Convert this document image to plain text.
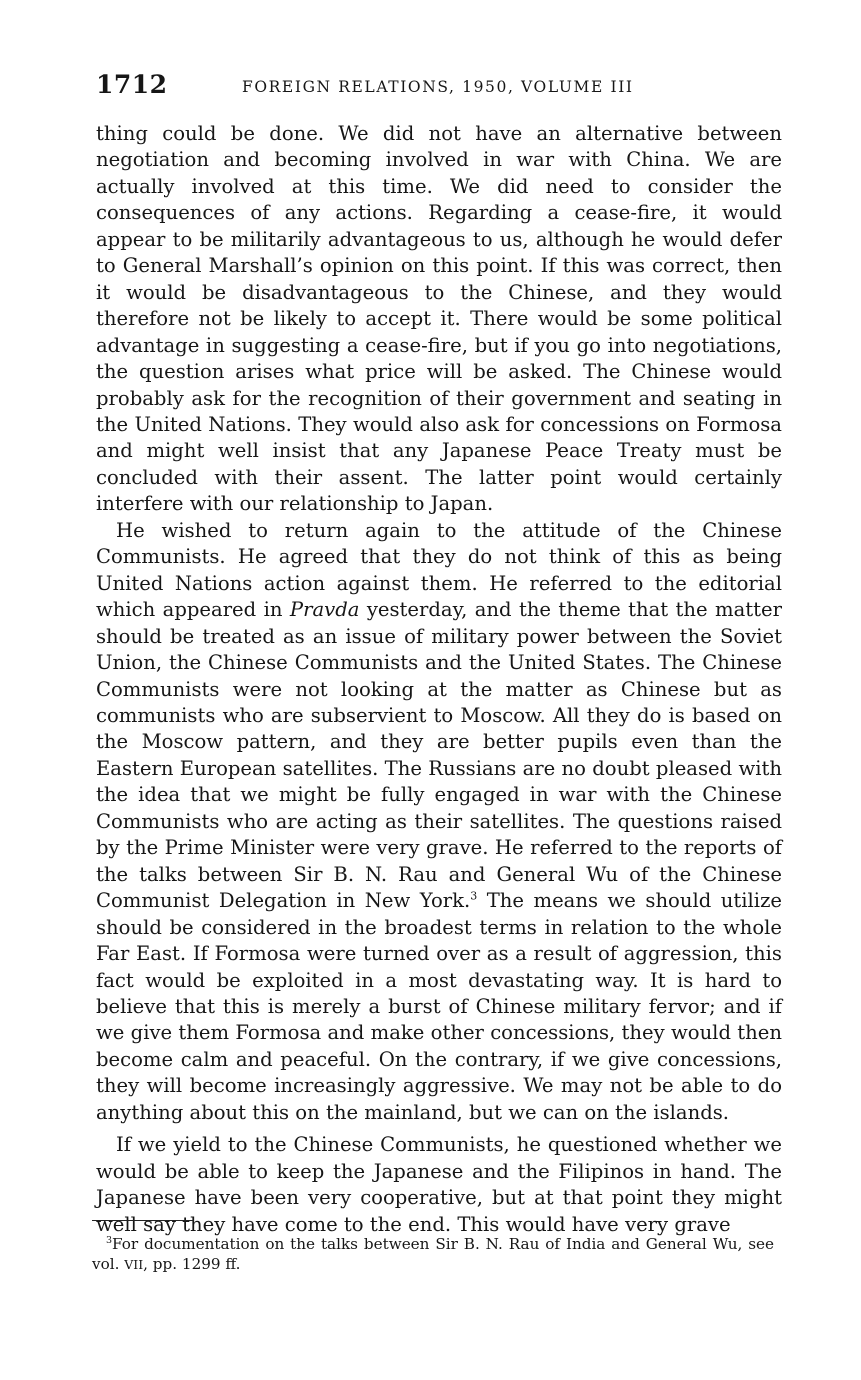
1712	FOREIGN RELATIONS, 1950, VOLUME III

thing could be done. We did not have an alternative between negotiation and becoming involved in war with China. We are actually involved at this time. We did need to consider the consequences of any actions. Regarding a cease-fire, it would appear to be militarily advantageous to us, although he would defer to General Marshall’s opinion on this point. If this was correct, then it would be disadvantageous to the Chinese, and they would therefore not be likely to accept it. There would be some political advantage in suggesting a cease-fire, but if you go into negotiations, the question arises what price will be asked. The Chinese would probably ask for the recognition of their government and seating in the United Nations. They would also ask for concessions on Formosa and might well insist that any Japanese Peace Treaty must be concluded with their assent. The latter point would certainly interfere with our relationship to Japan.

He wished to return again to the attitude of the Chinese Communists. He agreed that they do not think of this as being United Nations action against them. He referred to the editorial which appeared in Pravda yesterday, and the theme that the matter should be treated as an issue of military power between the Soviet Union, the Chinese Communists and the United States. The Chinese Communists were not looking at the matter as Chinese but as communists who are subservient to Moscow. All they do is based on the Moscow pattern, and they are better pupils even than the Eastern European satellites. The Russians are no doubt pleased with the idea that we might be fully engaged in war with the Chinese Communists who are acting as their satellites. The questions raised by the Prime Minister were very grave. He referred to the reports of the talks between Sir B. N. Rau and General Wu of the Chinese Communist Delegation in New York.$^3$ The means we should utilize should be considered in the broadest terms in relation to the whole Far East. If Formosa were turned over as a result of aggression, this fact would be exploited in a most devastating way. It is hard to believe that this is merely a burst of Chinese military fervor; and if we give them Formosa and make other concessions, they would then become calm and peaceful. On the contrary, if we give concessions, they will become increasingly aggressive. We may not be able to do anything about this on the mainland, but we can on the islands.

If we yield to the Chinese Communists, he questioned whether we would be able to keep the Japanese and the Filipinos in hand. The Japanese have been very cooperative, but at that point they might well say they have come to the end. This would have very grave

$^3$For documentation on the talks between Sir B. N. Rau of India and General Wu, see vol. VII, pp. 1299 ff.
